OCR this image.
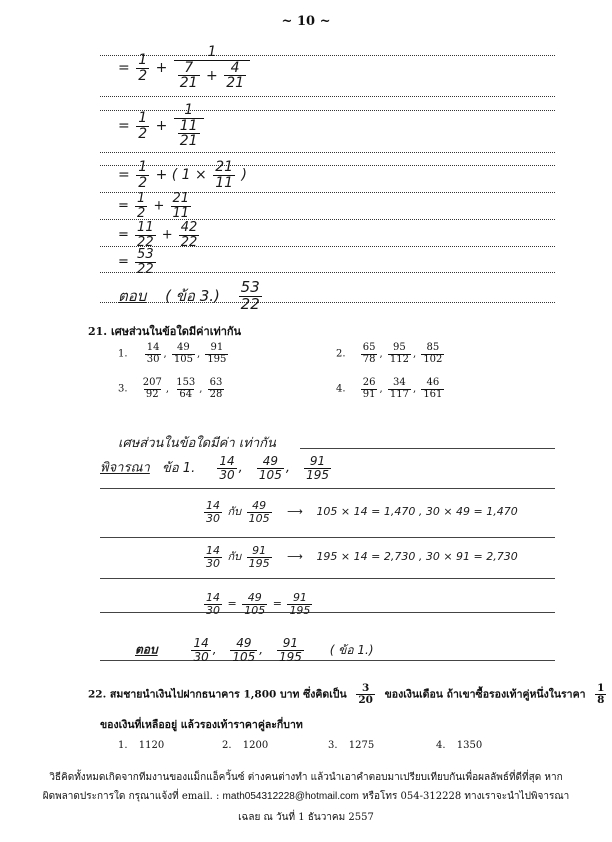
~ 10 ~
= $\frac{1}{2} + \frac{1}{\frac{7}{21} + \frac{4}{21}}$
= $\frac{1}{2} + \frac{1}{\frac{11}{21}}$
= $\frac{1}{2}$ + ( $1 \times \frac{21}{11}$ )
= $\frac{1}{2} + \frac{21}{11}$
= $\frac{11}{22} + \frac{42}{22}$
= $\frac{53}{22}$
ตอบ ( ข้อ $3.) \frac{53}{22}$
21. เศษส่วนในข้อใดมีค่าเท่ากัน
1. $\frac{14}{30}$ , $\frac{49}{105}$ , $\frac{91}{195}$	2. $\frac{65}{78}$ , $\frac{95}{112}$ , $\frac{85}{102}$
3. $\frac{207}{92}$ , $\frac{153}{64}$ , $\frac{63}{28}$	4. $\frac{26}{91}$ , $\frac{34}{117}$ , $\frac{46}{161}$
เศษส่วนในข้อใดมีค่า เท่ากัน
พิจารณา ข้อ 1. $\frac{14}{30}$ , $\frac{49}{105}$ , $\frac{91}{195}$
$\frac{14}{30}$ กับ $\frac{49}{105}$ ⟶ 105 × 14 = 1,470 , 30 × 49 = 1,470
$\frac{14}{30}$ กับ $\frac{91}{195}$ ⟶ 195 × 14 = 2,730 , 30 × 91 = 2,730
$\frac{14}{30} = \frac{49}{105} = \frac{91}{195}$
ตอบ	$\frac{14}{30}$ , $\frac{49}{105}$ , $\frac{91}{195}$ ( ข้อ 1.)
22. สมชายนำเงินไปฝากธนาคาร 1,800 บาท ซึ่งคิดเป็น $\frac{3}{20}$ ของเงินเดือน ถ้าเขาซื้อรองเท้าคู่หนึ่งในราคา $\frac{1}{8}$
ของเงินที่เหลืออยู่ แล้วรองเท้าราคาคู่ละกี่บาท
1. 1120	2. 1200	3. 1275	4. 1350
วิธีคิดทั้งหมดเกิดจากทีมงานของแม็กแอ็ควิ้นซ์ ต่างคนต่างทำ แล้วนำเอาคำตอบมาเปรียบเทียบกันเพื่อผลลัพธ์ที่ดีที่สุด หาก
ผิดพลาดประการใด กรุณาแจ้งที่ email. : math054312228@hotmail.com หรือโทร 054-312228 ทางเราจะนำไปพิจารณา
เฉลย ณ วันที่ 1 ธันวาคม 2557
